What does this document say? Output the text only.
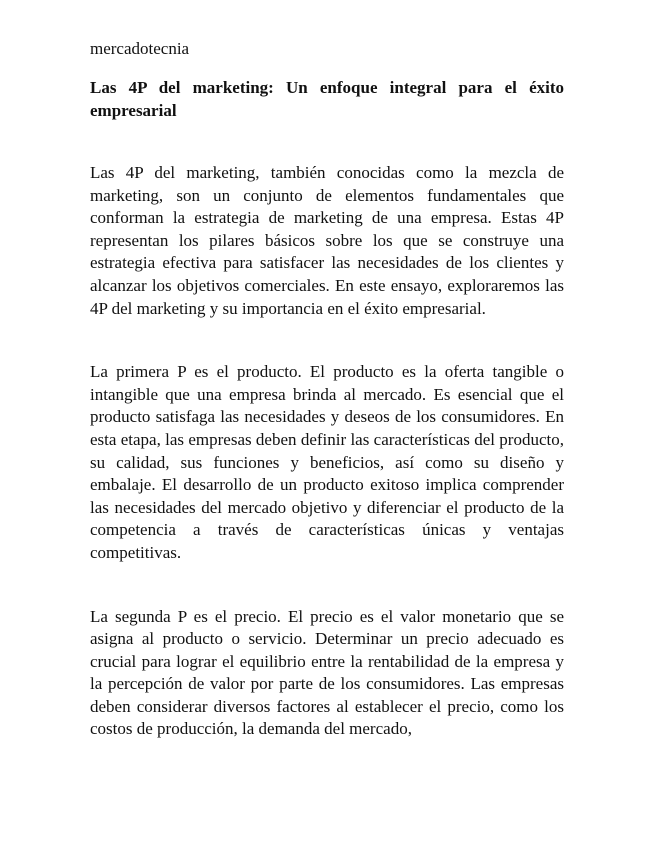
mercadotecnia
Las 4P del marketing: Un enfoque integral para el éxito empresarial

Las 4P del marketing, también conocidas como la mezcla de marketing, son un conjunto de elementos fundamentales que conforman la estrategia de marketing de una empresa. Estas 4P representan los pilares básicos sobre los que se construye una estrategia efectiva para satisfacer las necesidades de los clientes y alcanzar los objetivos comerciales. En este ensayo, exploraremos las 4P del marketing y su importancia en el éxito empresarial.

La primera P es el producto. El producto es la oferta tangible o intangible que una empresa brinda al mercado. Es esencial que el producto satisfaga las necesidades y deseos de los consumidores. En esta etapa, las empresas deben definir las características del producto, su calidad, sus funciones y beneficios, así como su diseño y embalaje. El desarrollo de un producto exitoso implica comprender las necesidades del mercado objetivo y diferenciar el producto de la competencia a través de características únicas y ventajas competitivas.

La segunda P es el precio. El precio es el valor monetario que se asigna al producto o servicio. Determinar un precio adecuado es crucial para lograr el equilibrio entre la rentabilidad de la empresa y la percepción de valor por parte de los consumidores. Las empresas deben considerar diversos factores al establecer el precio, como los costos de producción, la demanda del mercado,
